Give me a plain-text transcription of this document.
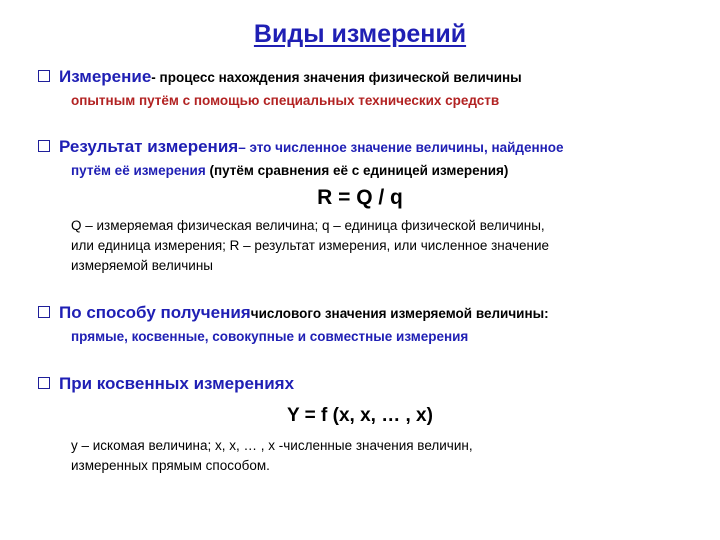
Виды измерений
Измерение - процесс нахождения значения физической величины
опытным путём с помощью специальных технических средств
Результат измерения – это численное значение величины, найденное
путём её измерения (путём сравнения её с единицей измерения)
R = Q / q
Q – измеряемая физическая величина; q – единица физической величины,
или единица измерения; R – результат измерения, или численное значение
измеряемой величины
По способу получения числового значения измеряемой величины:
прямые, косвенные, совокупные и совместные измерения
При косвенных измерениях
Y = f (x, x, … , x)
у – искомая величина; х, х, … , х -численные значения величин,
измеренных прямым способом.
